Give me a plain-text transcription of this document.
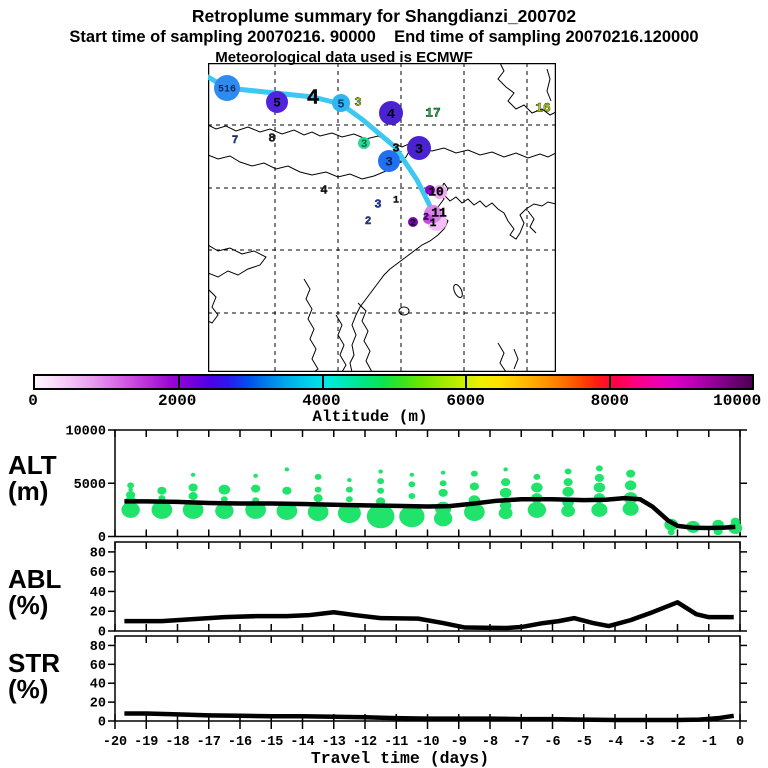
Retroplume summary for Shangdianzi_200702
Start time of sampling 20070216. 90000    End time of sampling 20070216.120000
Meteorological data used is ECMWF
516
5	5
4
3	3
3
2
4	3
17	16
7	8
3
4
1
3
2
10
11
2 1
0	2000	4000	6000	8000	10000
Altitude (m)
ALT
(m)
ABL
(%)
STR
(%)
0
5000
10000
0
20
40
60
80
0
20
40
60
80
-20 -19 -18 -17 -16 -15 -14 -13 -12 -11 -10 -9 -8 -7 -6 -5 -4 -3 -2 -1 0
Travel time (days)
